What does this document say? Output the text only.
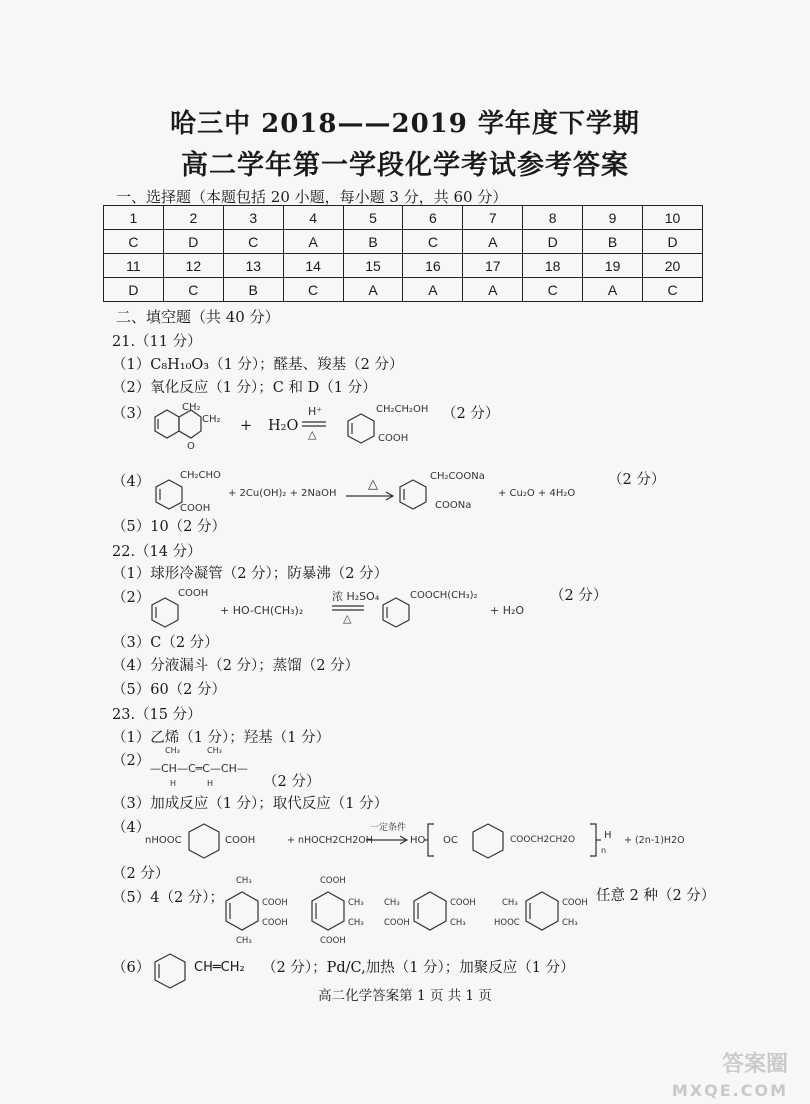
哈三中 2018——2019 学年度下学期
高二学年第一学段化学考试参考答案
一、选择题（本题包括 20 小题，每小题 3 分，共 60 分）
1	2	3	4	5	6	7	8	9	10
C	D	C	A	B	C	A	D	B	D
11	12	13	14	15	16	17	18	19	20
D	C	B	C	A	A	A	C	A	C
二、填空题（共 40 分）
21.（11 分）
（1）C₈H₁₀O₃（1 分）；醛基、羧基（2 分）
（2）氧化反应（1 分）；C 和 D（1 分）
（3）	CH₂
CH₂
O
+ H₂O
H⁺
△
CH₂CH₂OH
COOH
（2 分）
（4）	CH₂CHO
COOH
+ 2Cu(OH)₂ + 2NaOH
△
CH₂COONa
COONa
+ Cu₂O + 4H₂O
（2 分）
（5）10（2 分）
22.（14 分）
（1）球形冷凝管（2 分）；防暴沸（2 分）
（2）	COOH
+ HO-CH(CH₃)₂
浓 H₂SO₄
△
COOCH(CH₃)₂
+ H₂O
（2 分）
（3）C（2 分）
（4）分液漏斗（2 分）；蒸馏（2 分）
（5）60（2 分）
23.（15 分）
（1）乙烯（1 分）；羟基（1 分）
（2）
CH₃	CH₃
—CH—C═C—CH—
H	H	（2 分）
（3）加成反应（1 分）；取代反应（1 分）
（4）
nHOOC	COOH	+ nHOCH2CH2OH
一定条件
HO OC	COOCH2CH2O
n
H + (2n-1)H2O
（2 分）
（5）4（2 分）；
CH₃
COOH
COOH
CH₃
COOH
CH₃
CH₃
COOH
CH₃	COOH
CH₃
COOH
CH₃	COOH
HOOC	CH₃
任意 2 种（2 分）
（6）	CH═CH₂ （2 分）；Pd/C,加热（1 分）；加聚反应（1 分）
高二化学答案第 1 页 共 1 页
答案圈
MXQE.COM
